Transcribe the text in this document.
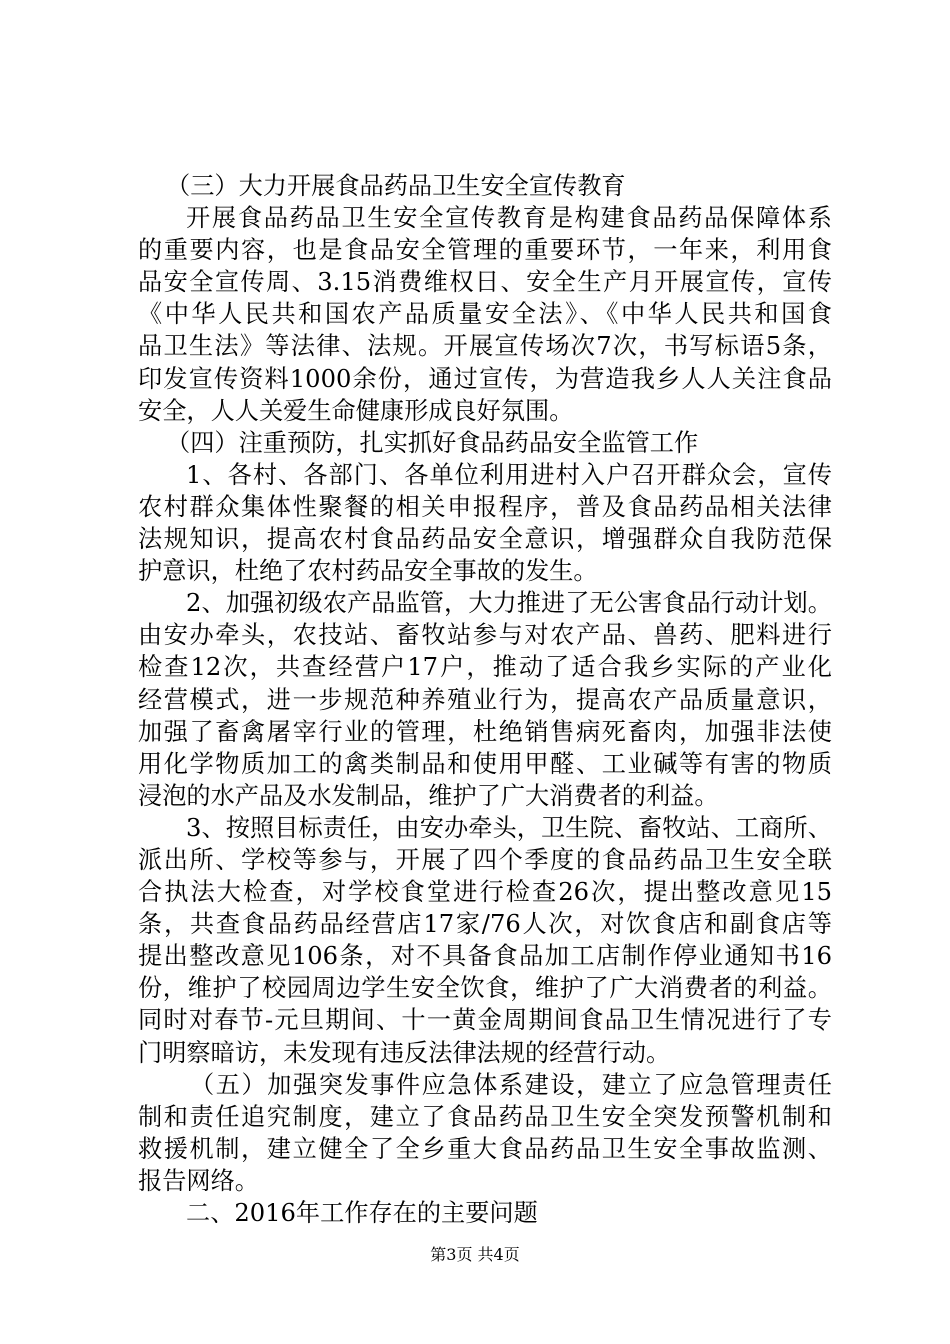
（三）大力开展食品药品卫生安全宣传教育
开展食品药品卫生安全宣传教育是构建食品药品保障体系
的重要内容，也是食品安全管理的重要环节，一年来，利用食
品安全宣传周、3.15消费维权日、安全生产月开展宣传，宣传
《中华人民共和国农产品质量安全法》、《中华人民共和国食
品卫生法》等法律、法规。开展宣传场次7次，书写标语5条，
印发宣传资料1000余份，通过宣传，为营造我乡人人关注食品
安全，人人关爱生命健康形成良好氛围。
（四）注重预防，扎实抓好食品药品安全监管工作
1、各村、各部门、各单位利用进村入户召开群众会，宣传
农村群众集体性聚餐的相关申报程序，普及食品药品相关法律
法规知识，提高农村食品药品安全意识，增强群众自我防范保
护意识，杜绝了农村药品安全事故的发生。
2、加强初级农产品监管，大力推进了无公害食品行动计划。
由安办牵头，农技站、畜牧站参与对农产品、兽药、肥料进行
检查12次，共查经营户17户，推动了适合我乡实际的产业化
经营模式，进一步规范种养殖业行为，提高农产品质量意识，
加强了畜禽屠宰行业的管理，杜绝销售病死畜肉，加强非法使
用化学物质加工的禽类制品和使用甲醛、工业碱等有害的物质
浸泡的水产品及水发制品，维护了广大消费者的利益。
3、按照目标责任，由安办牵头，卫生院、畜牧站、工商所、
派出所、学校等参与，开展了四个季度的食品药品卫生安全联
合执法大检查，对学校食堂进行检查26次，提出整改意见15
条，共查食品药品经营店17家/76人次，对饮食店和副食店等
提出整改意见106条，对不具备食品加工店制作停业通知书16
份，维护了校园周边学生安全饮食，维护了广大消费者的利益。
同时对春节-元旦期间、十一黄金周期间食品卫生情况进行了专
门明察暗访，未发现有违反法律法规的经营行动。
（五）加强突发事件应急体系建设，建立了应急管理责任
制和责任追究制度，建立了食品药品卫生安全突发预警机制和
救援机制，建立健全了全乡重大食品药品卫生安全事故监测、
报告网络。
二、2016年工作存在的主要问题
第3页 共4页
